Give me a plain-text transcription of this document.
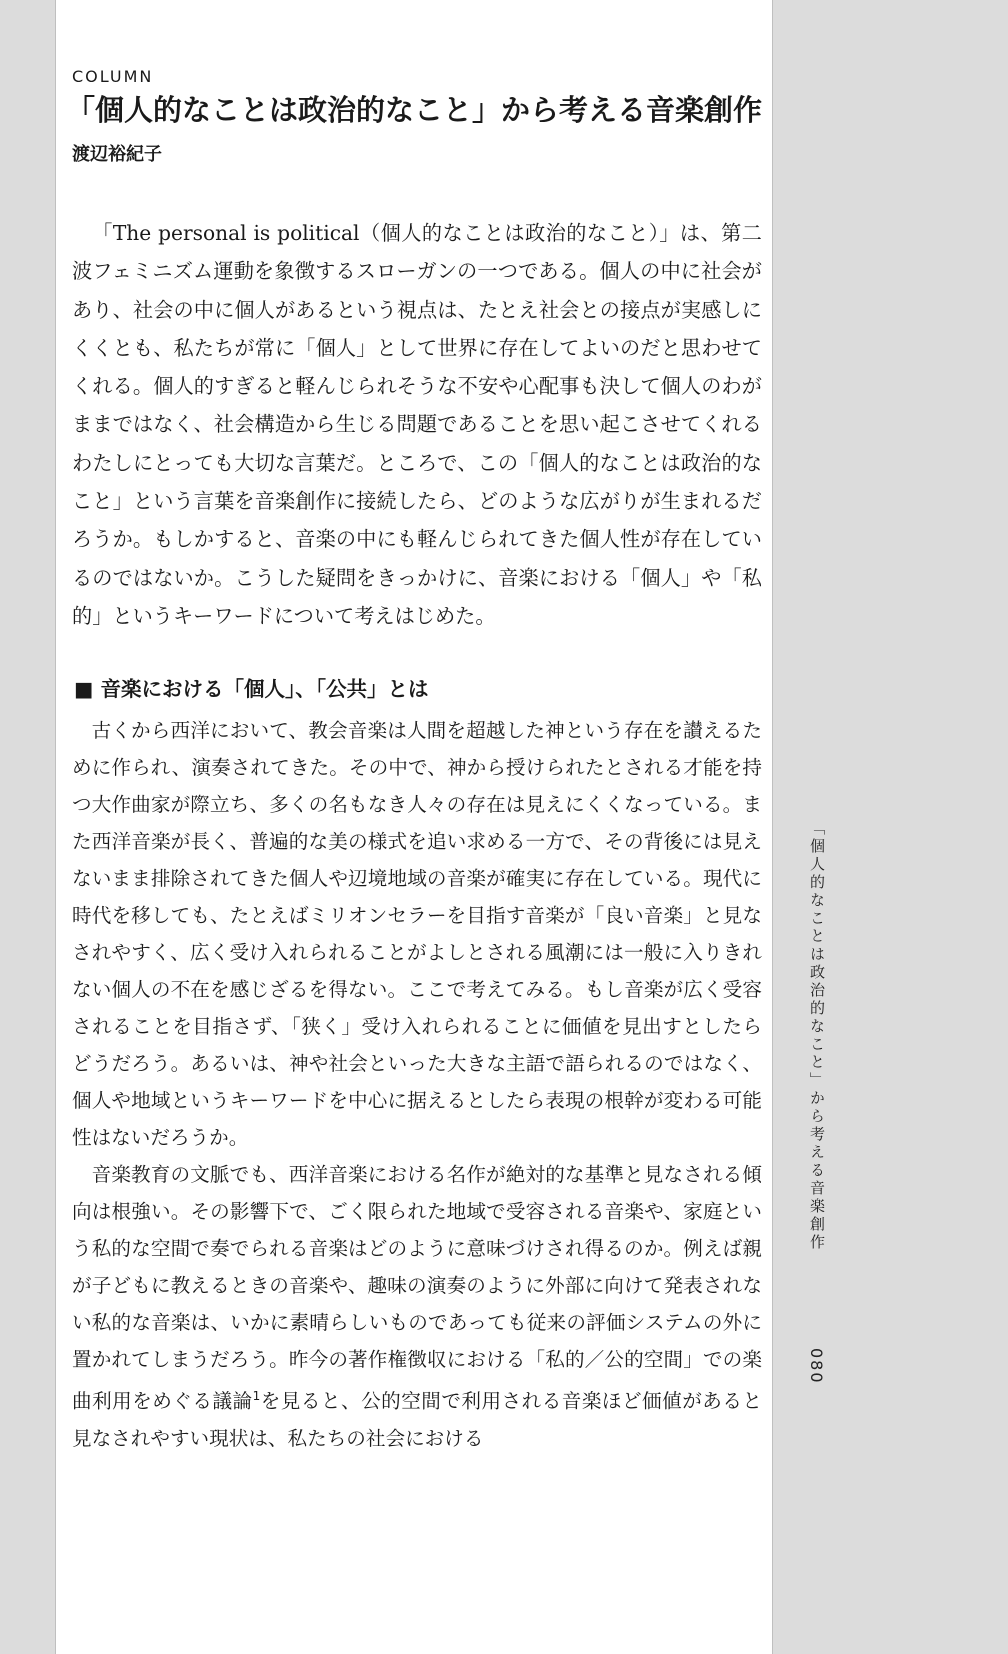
COLUMN
「個人的なことは政治的なこと」から考える音楽創作
渡辺裕紀子

「The personal is political（個人的なことは政治的なこと）」は、第二波フェミニズム運動を象徴するスローガンの一つである。個人の中に社会があり、社会の中に個人があるという視点は、たとえ社会との接点が実感しにくくとも、私たちが常に「個人」として世界に存在してよいのだと思わせてくれる。個人的すぎると軽んじられそうな不安や心配事も決して個人のわがままではなく、社会構造から生じる問題であることを思い起こさせてくれるわたしにとっても大切な言葉だ。ところで、この「個人的なことは政治的なこと」という言葉を音楽創作に接続したら、どのような広がりが生まれるだろうか。もしかすると、音楽の中にも軽んじられてきた個人性が存在しているのではないか。こうした疑問をきっかけに、音楽における「個人」や「私的」というキーワードについて考えはじめた。

■ 音楽における「個人」、「公共」とは

古くから西洋において、教会音楽は人間を超越した神という存在を讃えるために作られ、演奏されてきた。その中で、神から授けられたとされる才能を持つ大作曲家が際立ち、多くの名もなき人々の存在は見えにくくなっている。また西洋音楽が長く、普遍的な美の様式を追い求める一方で、その背後には見えないまま排除されてきた個人や辺境地域の音楽が確実に存在している。現代に時代を移しても、たとえばミリオンセラーを目指す音楽が「良い音楽」と見なされやすく、広く受け入れられることがよしとされる風潮には一般に入りきれない個人の不在を感じざるを得ない。ここで考えてみる。もし音楽が広く受容されることを目指さず、「狭く」受け入れられることに価値を見出すとしたらどうだろう。あるいは、神や社会といった大きな主語で語られるのではなく、個人や地域というキーワードを中心に据えるとしたら表現の根幹が変わる可能性はないだろうか。

音楽教育の文脈でも、西洋音楽における名作が絶対的な基準と見なされる傾向は根強い。その影響下で、ごく限られた地域で受容される音楽や、家庭という私的な空間で奏でられる音楽はどのように意味づけされ得るのか。例えば親が子どもに教えるときの音楽や、趣味の演奏のように外部に向けて発表されない私的な音楽は、いかに素晴らしいものであっても従来の評価システムの外に置かれてしまうだろう。昨今の著作権徴収における「私的／公的空間」での楽曲利用をめぐる議論$^1$を見ると、公的空間で利用される音楽ほど価値があると見なされやすい現状は、私たちの社会における

「個人的なことは政治的なこと」から考える音楽創作
080
